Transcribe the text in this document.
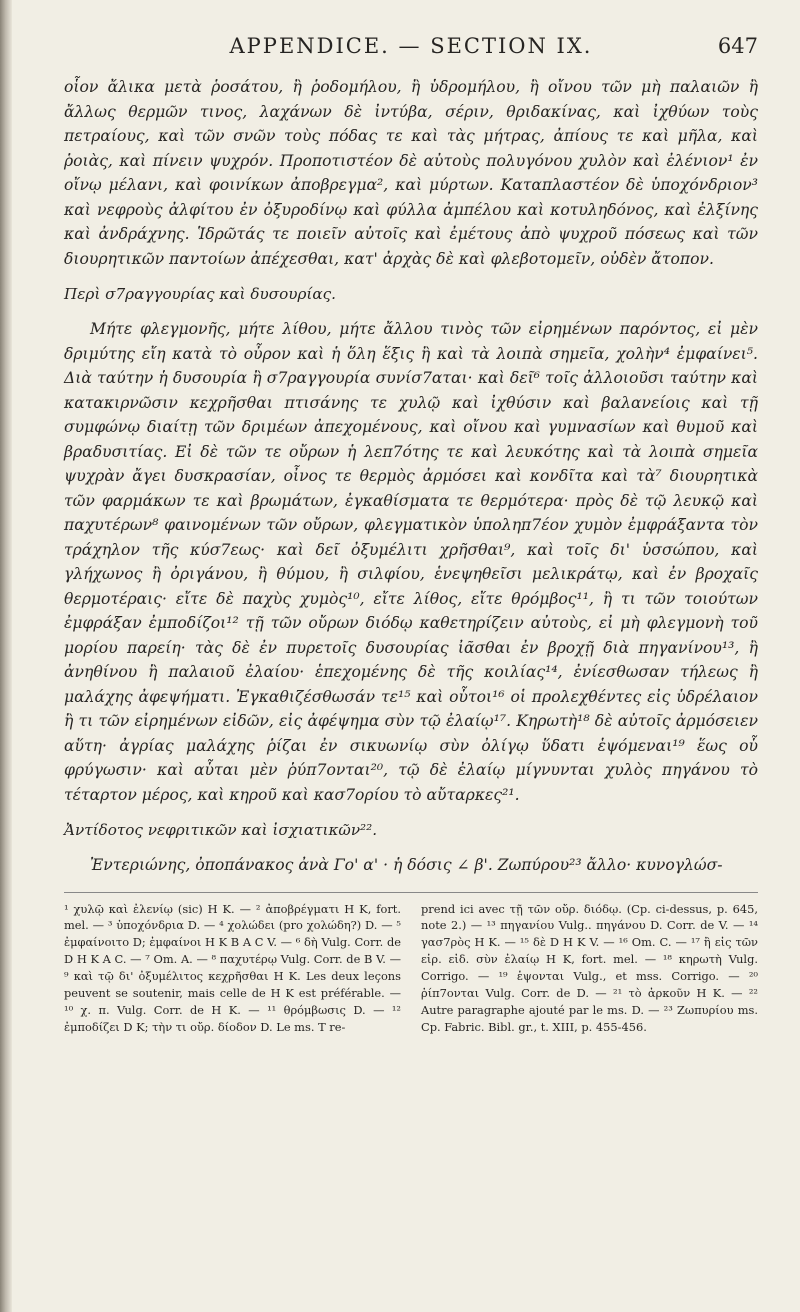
APPENDICE. — SECTION IX.	647

οἷον ἄλικα μετὰ ῥοσάτου, ἢ ῥοδομήλου, ἢ ὑδρομήλου, ἢ οἴνου τῶν μὴ παλαιῶν ἢ ἄλλως θερμῶν τινος, λαχάνων δὲ ἰντύβα, σέριν, θριδακίνας, καὶ ἰχθύων τοὺς πετραίους, καὶ τῶν σνῶν τοὺς πόδας τε καὶ τὰς μήτρας, ἀπίους τε καὶ μῆλα, καὶ ῥοιὰς, καὶ πίνειν ψυχρόν. Προποτιστέον δὲ αὐτοὺς πολυγόνου χυλὸν καὶ ἐλένιον¹ ἐν οἴνῳ μέλανι, καὶ φοινίκων ἀποβρεγμα², καὶ μύρτων. Καταπλαστέον δὲ ὑποχόνδριον³ καὶ νεφροὺς ἀλφίτου ἐν ὀξυροδίνῳ καὶ φύλλα ἀμπέλου καὶ κοτυληδόνος, καὶ ἐλξίνης καὶ ἀνδράχνης. Ἱδρῶτάς τε ποιεῖν αὐτοῖς καὶ ἐμέτους ἀπὸ ψυχροῦ πόσεως καὶ τῶν διουρητικῶν παντοίων ἀπέχεσθαι, κατ' ἀρχὰς δὲ καὶ φλεβοτομεῖν, οὐδὲν ἄτοπον.

Περὶ σ7ραγγουρίας καὶ δυσουρίας.

Μήτε φλεγμονῆς, μήτε λίθου, μήτε ἄλλου τινὸς τῶν εἰρημένων παρόντος, εἰ μὲν δριμύτης εἴη κατὰ τὸ οὖρον καὶ ἡ ὅλη ἕξις ἢ καὶ τὰ λοιπὰ σημεῖα, χολὴν⁴ ἐμφαίνει⁵. Διὰ ταύτην ἡ δυσουρία ἢ σ7ραγγουρία συνίσ7αται· καὶ δεῖ⁶ τοῖς ἀλλοιοῦσι ταύτην καὶ κατακιρνῶσιν κεχρῆσθαι πτισάνης τε χυλῷ καὶ ἰχθύσιν καὶ βαλανείοις καὶ τῇ συμφώνῳ διαίτῃ τῶν δριμέων ἀπεχομένους, καὶ οἴνου καὶ γυμνασίων καὶ θυμοῦ καὶ βραδυσιτίας. Εἰ δὲ τῶν τε οὔρων ἡ λεπ7ότης τε καὶ λευκότης καὶ τὰ λοιπὰ σημεῖα ψυχρὰν ἄγει δυσκρασίαν, οἶνος τε θερμὸς ἀρμόσει καὶ κονδῖτα καὶ τὰ⁷ διουρητικὰ τῶν φαρμάκων τε καὶ βρωμάτων, ἐγκαθίσματα τε θερμότερα· πρὸς δὲ τῷ λευκῷ καὶ παχυτέρων⁸ φαινομένων τῶν οὔρων, φλεγματικὸν ὑποληπ7έον χυμὸν ἐμφράξαντα τὸν τράχηλον τῆς κύσ7εως· καὶ δεῖ ὀξυμέλιτι χρῆσθαι⁹, καὶ τοῖς δι' ὑσσώπου, καὶ γλήχωνος ἢ ὀριγάνου, ἢ θύμου, ἢ σιλφίου, ἑνεψηθεῖσι μελικράτῳ, καὶ ἐν βροχαῖς θερμοτέραις· εἴτε δὲ παχὺς χυμὸς¹⁰, εἴτε λίθος, εἴτε θρόμβος¹¹, ἢ τι τῶν τοιούτων ἐμφράξαν ἐμποδίζοι¹² τῇ τῶν οὔρων διόδῳ καθετηρίζειν αὐτοὺς, εἰ μὴ φλεγμονὴ τοῦ μορίου παρείη· τὰς δὲ ἐν πυρετοῖς δυσουρίας ἰᾶσθαι ἐν βροχῇ διὰ πηγανίνου¹³, ἢ ἀνηθίνου ἢ παλαιοῦ ἐλαίου· ἑπεχομένης δὲ τῆς κοιλίας¹⁴, ἐνίεσθωσαν τήλεως ἢ μαλάχης ἀφεψήματι. Ἐγκαθιζέσθωσάν τε¹⁵ καὶ οὗτοι¹⁶ οἱ προλεχθέντες εἰς ὑδρέλαιον ἢ τι τῶν εἰρημένων εἰδῶν, εἰς ἀφέψημα σὺν τῷ ἐλαίῳ¹⁷. Κηρωτὴ¹⁸ δὲ αὐτοῖς ἀρμόσειεν αὕτη· ἀγρίας μαλάχης ῥίζαι ἐν σικυωνίῳ σὺν ὀλίγῳ ὕδατι ἑψόμεναι¹⁹ ἕως οὗ φρύγωσιν· καὶ αὗται μὲν ῥύπ7ονται²⁰, τῷ δὲ ἐλαίῳ μίγνυνται χυλὸς πηγάνου τὸ τέταρτον μέρος, καὶ κηροῦ καὶ κασ7ορίου τὸ αὔταρκες²¹.

Ἀντίδοτος νεφριτικῶν καὶ ἰσχιατικῶν²².

Ἐντεριώνης, ὀποπάνακος ἀνὰ Γο' α' · ἡ δόσις ∠ β'. Ζωπύρου²³ ἄλλο· κυνογλώσ-

¹ χυλῷ καὶ ἐλενίῳ (sic) H K. — ² ἀποβρέγματι H K, fort. mel. — ³ ὑποχόνδρια D. — ⁴ χολώδει (pro χολώδη?) D. — ⁵ ἐμφαίνοιτο D; ἐμφαίνοι H K B A C V. — ⁶ δὴ Vulg. Corr. de D H K A C. — ⁷ Om. A. — ⁸ παχυτέρῳ Vulg. Corr. de B V. — ⁹ καὶ τῷ δι' ὀξυμέλιτος κεχρῆσθαι H K. Les deux leçons peuvent se soutenir, mais celle de H K est préférable. — ¹⁰ χ. π. Vulg. Corr. de H K. — ¹¹ θρόμβωσις D. — ¹² ἐμποδίζει D K; τὴν τι οὔρ. δίοδον D. Le ms. T re-
prend ici avec τῇ τῶν οὔρ. διόδῳ. (Cp. ci-dessus, p. 645, note 2.) — ¹³ πηγανίου Vulg.. πηγάνου D. Corr. de V. — ¹⁴ γασ7ρὸς H K. — ¹⁵ δὲ D H K V. — ¹⁶ Om. C. — ¹⁷ ἢ εἰς τῶν εἰρ. εἰδ. σὺν ἐλαίῳ H K, fort. mel. — ¹⁸ κηρωτὴ Vulg. Corrigo. — ¹⁹ ἑψονται Vulg., et mss. Corrigo. — ²⁰ ῥίπ7ονται Vulg. Corr. de D. — ²¹ τὸ ἀρκοῦν H K. — ²² Autre paragraphe ajouté par le ms. D. — ²³ Ζωπυρίου ms. Cp. Fabric. Bibl. gr., t. XIII, p. 455-456.
